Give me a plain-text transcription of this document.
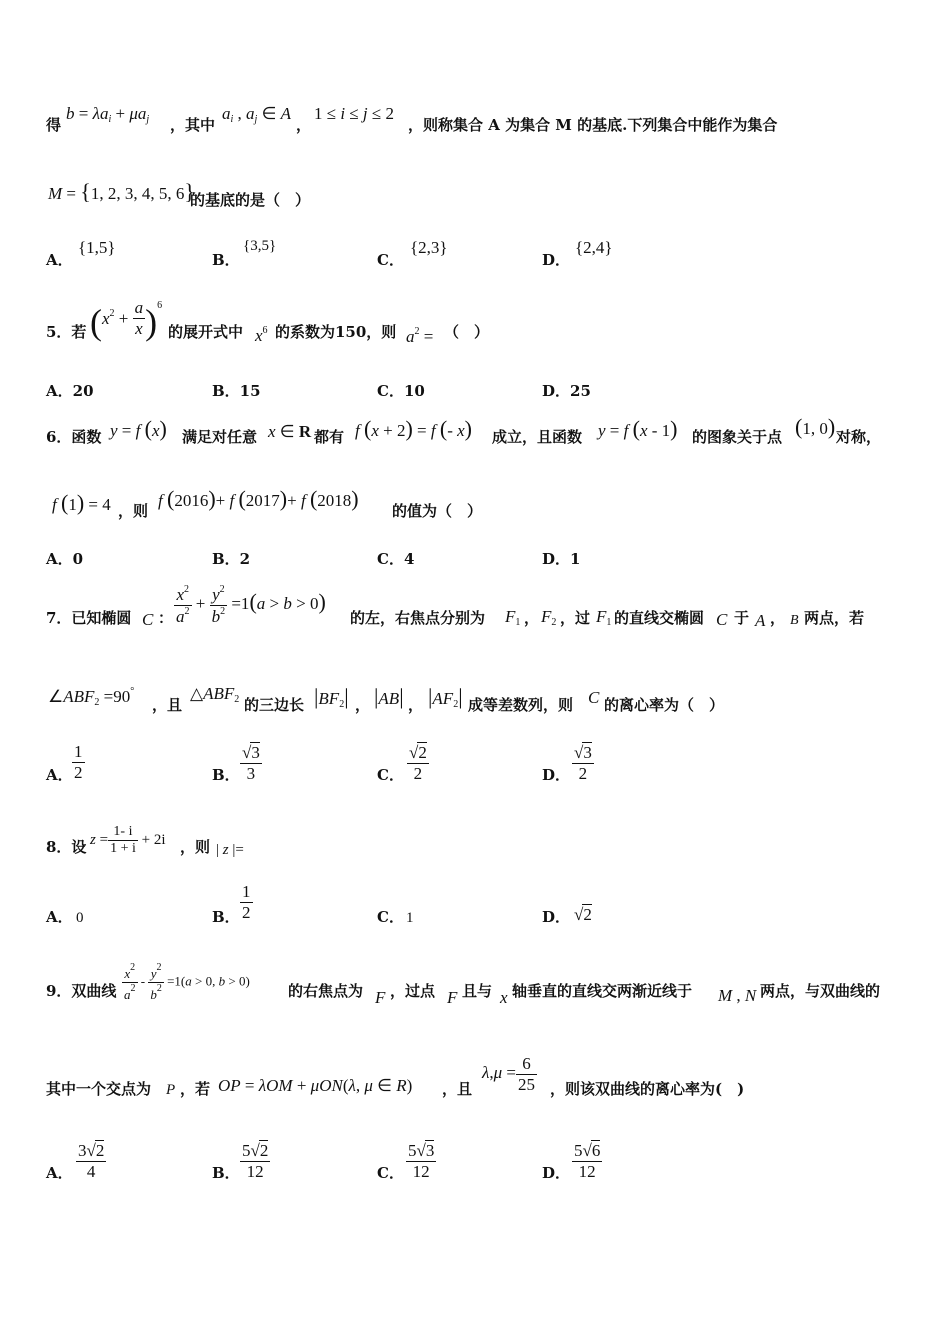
得
$b = \lambda a_i + \mu a_j$ ，其中
$a_i$ , $a_j$ ∈ A
，
1 ≤ i ≤ j ≤ 2
，则称集合 A 为集合 M 的基底.下列集合中能作为集合
M = {1, 2, 3, 4, 5, 6}
的基底的是（　）
A．
{1,5}
B．
{3,5}
C．
{2,3}
D．
{2,4}
5．若 $(x^2 + \frac{a}{x} )^6$
的展开式中 $x^6$ 的系数为150，则 $a^2$ = （　）
A．20	B．15	C．10	D．25
6．函数 y = f (x) 满足对任意 x ∈ R 都有 f (x + 2) = f (- x) 成立，且函数 y = f (x - 1) 的图象关于点 (1, 0) 对称，
f (1) = 4 ，则
f (2016)+ f (2017)+ f (2018) 的值为（　）
A．0	B．2	C．4	D．1
7．已知椭圆 C ： $\frac{x^2}{a^2} + \frac{y^2}{b^2} =1(a > b > 0)$
的左，右焦点分别为 $F_1$ ， $F_2$ ，过 $F_1$ 的直线交椭圆 C 于 A ， B 两点，若
$\angle ABF_2 =90^\circ$
，且
$\triangle ABF_2$ 的三边长 $|BF_2|$ ， |AB| ， $|AF_2|$ 成等差数列，则 C 的离心率为（　）
A． $\frac{1}{2}$	B． $\frac{√3}{3}$	C． $\frac{√2}{2}$	D． $\frac{√3}{2}$
8．设 $z = \frac{1- i}{1 + i} + 2i$ ，则 | z |=
A． 0	B． $\frac{1}{2}$	C． 1	D． √2
9．双曲线 $\frac{x^2}{a^2} - \frac{y^2}{b^2} =1(a > 0$, b > 0)
的右焦点为 F ，过点 F 且与 x 轴垂直的直线交两渐近线于 M , N 两点，与双曲线的
其中一个交点为 P ，若 OP = λOM + μON(λ, μ ∈ R) ，且
$\lambda,\mu = \frac{6}{25}$ ，则该双曲线的离心率为(　)
A． $\frac{3√2}{4}$	B． $\frac{5√2}{12}$	C． $\frac{5√3}{12}$	D． $\frac{5√6}{12}$
